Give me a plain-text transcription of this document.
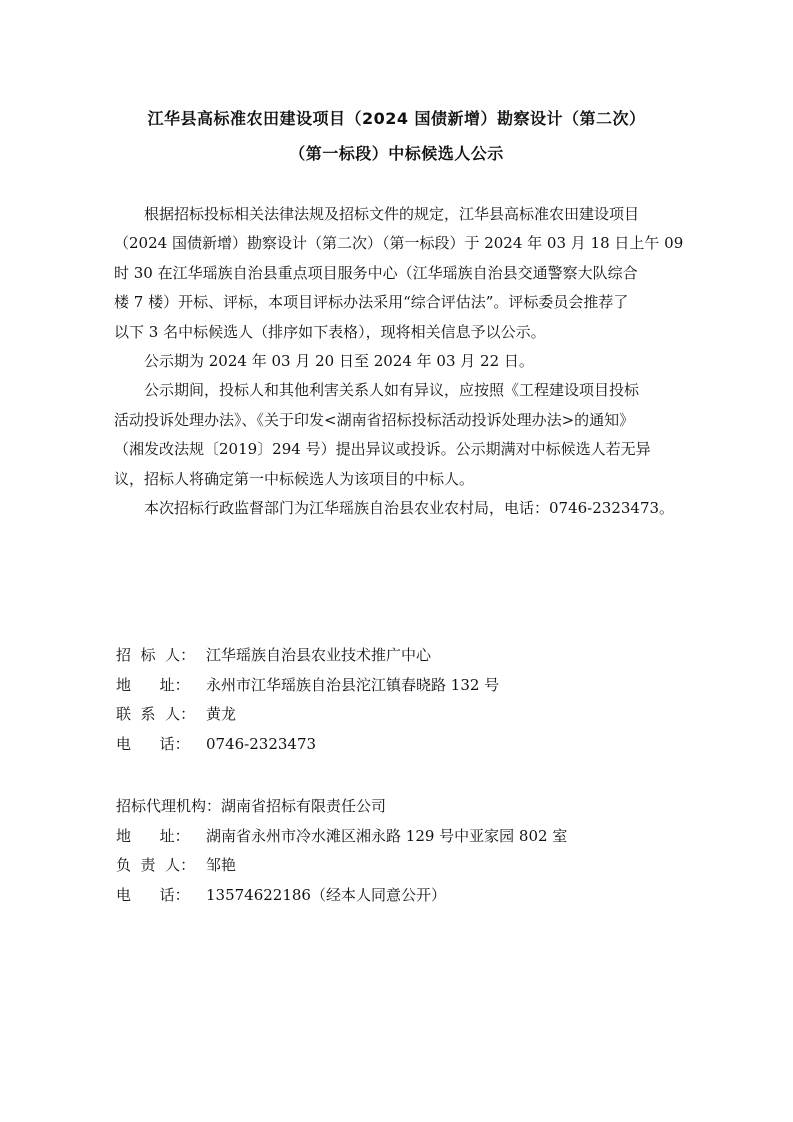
江华县高标准农田建设项目（2024 国债新增）勘察设计（第二次）
（第一标段）中标候选人公示
　　根据招标投标相关法律法规及招标文件的规定，江华县高标准农田建设项目
（2024 国债新增）勘察设计（第二次）（第一标段）于 2024 年 03 月 18 日上午 09
时 30 在江华瑶族自治县重点项目服务中心（江华瑶族自治县交通警察大队综合
楼 7 楼）开标、评标，本项目评标办法采用“综合评估法”。评标委员会推荐了
以下 3 名中标候选人（排序如下表格），现将相关信息予以公示。
　　公示期为 2024 年 03 月 20 日至 2024 年 03 月 22 日。
　　公示期间，投标人和其他利害关系人如有异议，应按照《工程建设项目投标
活动投诉处理办法》、《关于印发<湖南省招标投标活动投诉处理办法>的通知》
（湘发改法规〔2019〕294 号）提出异议或投诉。公示期满对中标候选人若无异
议，招标人将确定第一中标候选人为该项目的中标人。
　　本次招标行政监督部门为江华瑶族自治县农业农村局，电话：0746-2323473。
招  标  人： 江华瑶族自治县农业技术推广中心
地      址：	永州市江华瑶族自治县沱江镇春晓路 132 号
联  系  人： 黄龙
电      话：	0746-2323473
招标代理机构： 湖南省招标有限责任公司
地      址：	湖南省永州市冷水滩区湘永路 129 号中亚家园 802 室
负  责  人： 邹艳
电      话：	13574622186（经本人同意公开）
